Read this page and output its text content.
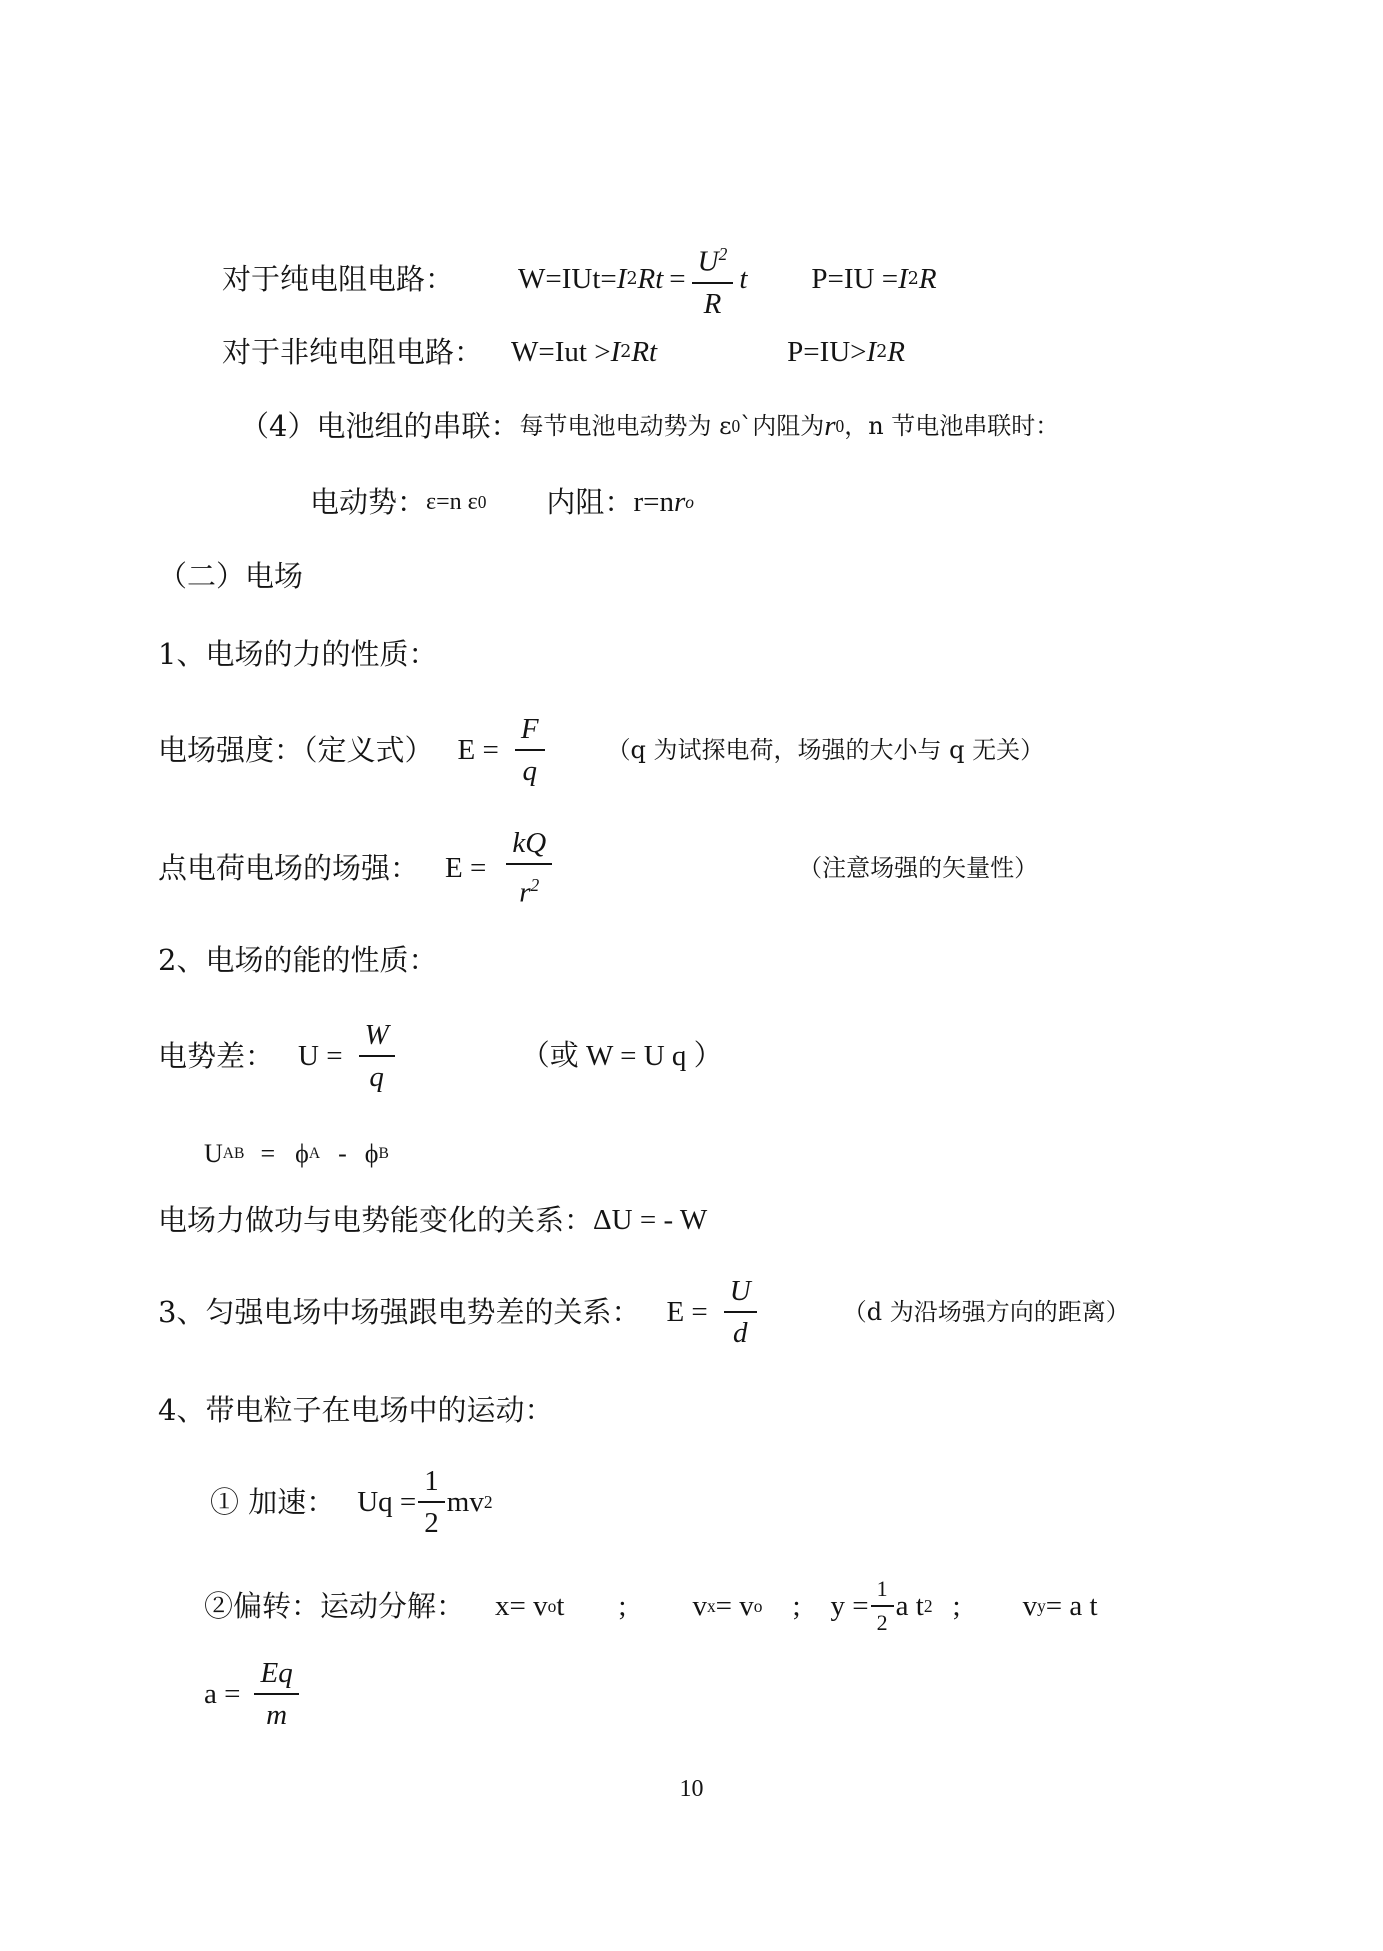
对于纯电阻电路： W=IUt= I 2 $Rt = \frac{U^2}{R}$ t P=IU = I 2 R
对于非纯电阻电路： W=Iut > I 2 Rt	P=IU> I 2 R
（4）电池组的串联： 每节电池电动势为 ε 0 `内阻为 r 0 ，n 节电池串联时：
电动势： ε=n ε 0 内阻： r=n r o
（二）电场
1、电场的力的性质：
电场强度：（定义式） $E = \frac{F}{q}$	（q 为试探电荷，场强的大小与 q 无关）
点电荷电场的场强： $E = \frac{kQ}{r^2}$	（注意场强的矢量性）
2、电场的能的性质：
电势差： $U = \frac{W}{q}$	（或 W = U q ）
U AB = ϕ A - ϕ B
电场力做功与电势能变化的关系： ΔU = - W
3、匀强电场中场强跟电势差的关系： $E = \frac{U}{d}$	（d 为沿场强方向的距离）
4、带电粒子在电场中的运动：
① 加速： $Uq = \frac{1}{2}$ mv 2
②偏转：运动分解： x= v o t ; v x = v o ; $y = \frac{1}{2}$ a t 2 ; v y = a t
$a = \frac{Eq}{m}$
10
